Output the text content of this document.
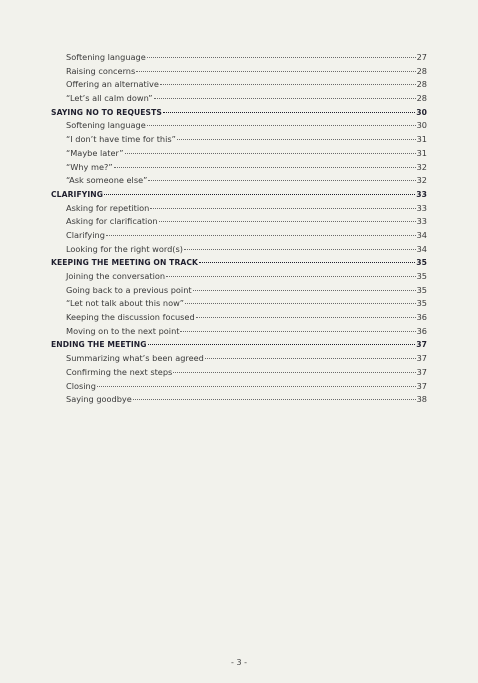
Softening language	27
Raising concerns	28
Offering an alternative	28
“Let’s all calm down”	28
SAYING NO TO REQUESTS	30
Softening language	30
“I don’t have time for this”	31
“Maybe later”	31
“Why me?”	32
“Ask someone else”	32
CLARIFYING	33
Asking for repetition	33
Asking for clarification	33
Clarifying	34
Looking for the right word(s)	34
KEEPING THE MEETING ON TRACK	35
Joining the conversation	35
Going back to a previous point	35
“Let not talk about this now”	35
Keeping the discussion focused	36
Moving on to the next point	36
ENDING THE MEETING	37
Summarizing what’s been agreed	37
Confirming the next steps	37
Closing	37
Saying goodbye	38
- 3 -
